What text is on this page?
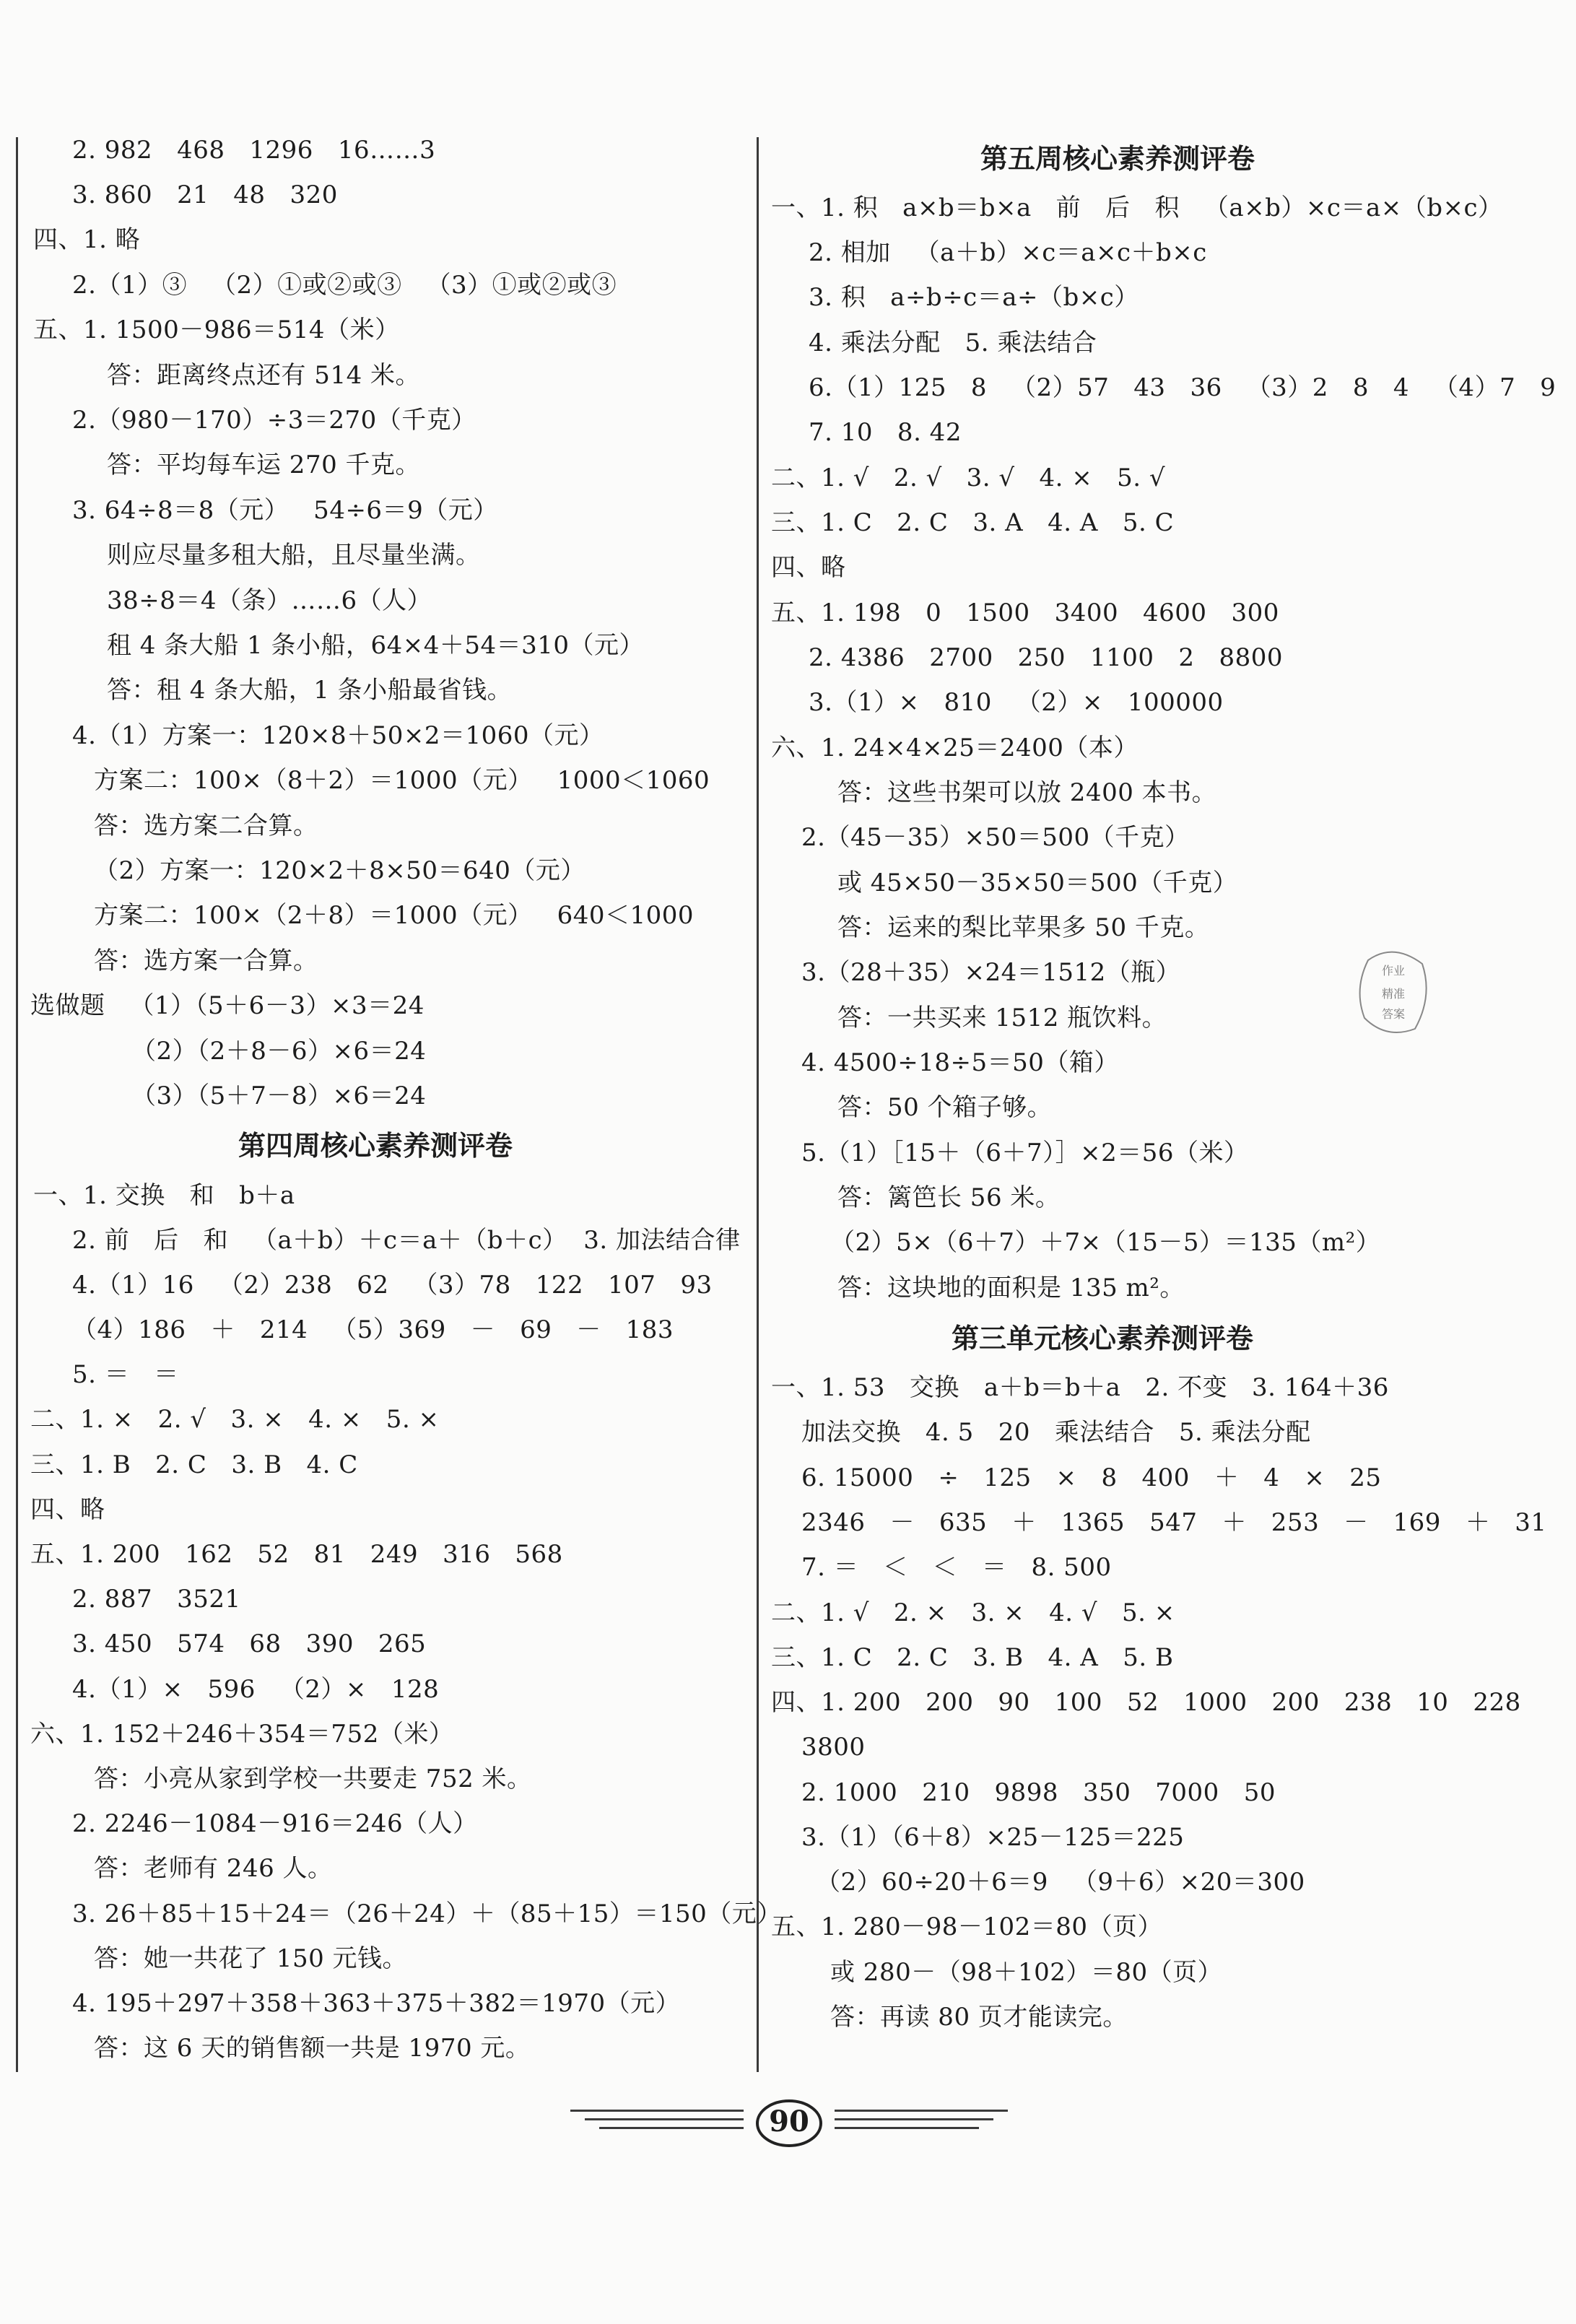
2. 982   468   1296   16……3
3. 860   21   48   320
四、1. 略
2.（1）③   （2）①或②或③   （3）①或②或③
五、1. 1500－986＝514（米）
答：距离终点还有 514 米。
2.（980－170）÷3＝270（千克）
答：平均每车运 270 千克。
3. 64÷8＝8（元）   54÷6＝9（元）
则应尽量多租大船，且尽量坐满。
38÷8＝4（条）……6（人）
租 4 条大船 1 条小船，64×4＋54＝310（元）
答：租 4 条大船，1 条小船最省钱。
4.（1）方案一：120×8＋50×2＝1060（元）
方案二：100×（8＋2）＝1000（元）   1000＜1060
答：选方案二合算。
（2）方案一：120×2＋8×50＝640（元）
方案二：100×（2＋8）＝1000（元）   640＜1000
答：选方案一合算。
选做题   （1）（5＋6－3）×3＝24
（2）（2＋8－6）×6＝24
（3）（5＋7－8）×6＝24
第四周核心素养测评卷
一、1. 交换   和   b＋a
2. 前   后   和   （a＋b）＋c＝a＋（b＋c）  3. 加法结合律
4.（1）16   （2）238   62   （3）78   122   107   93
（4）186   ＋   214   （5）369   －   69   －   183
5. ＝   ＝
二、1. ×   2. √   3. ×   4. ×   5. ×
三、1. B   2. C   3. B   4. C
四、略
五、1. 200   162   52   81   249   316   568
2. 887   3521
3. 450   574   68   390   265
4.（1）×   596   （2）×   128
六、1. 152＋246＋354＝752（米）
答：小亮从家到学校一共要走 752 米。
2. 2246－1084－916＝246（人）
答：老师有 246 人。
3. 26＋85＋15＋24＝（26＋24）＋（85＋15）＝150（元）
答：她一共花了 150 元钱。
4. 195＋297＋358＋363＋375＋382＝1970（元）
答：这 6 天的销售额一共是 1970 元。
第五周核心素养测评卷
一、1. 积   a×b＝b×a   前   后   积   （a×b）×c＝a×（b×c）
2. 相加   （a＋b）×c＝a×c＋b×c
3. 积   a÷b÷c＝a÷（b×c）
4. 乘法分配   5. 乘法结合
6.（1）125   8   （2）57   43   36   （3）2   8   4   （4）7   9
7. 10   8. 42
二、1. √   2. √   3. √   4. ×   5. √
三、1. C   2. C   3. A   4. A   5. C
四、略
五、1. 198   0   1500   3400   4600   300
2. 4386   2700   250   1100   2   8800
3.（1）×   810   （2）×   100000
六、1. 24×4×25＝2400（本）
答：这些书架可以放 2400 本书。
2.（45－35）×50＝500（千克）
或 45×50－35×50＝500（千克）
答：运来的梨比苹果多 50 千克。
3.（28＋35）×24＝1512（瓶）
答：一共买来 1512 瓶饮料。
4. 4500÷18÷5＝50（箱）
答：50 个箱子够。
5.（1）［15＋（6＋7）］×2＝56（米）
答：篱笆长 56 米。
（2）5×（6＋7）＋7×（15－5）＝135（m²）
答：这块地的面积是 135 m²。
第三单元核心素养测评卷
一、1. 53   交换   a＋b＝b＋a   2. 不变   3. 164＋36
加法交换   4. 5   20   乘法结合   5. 乘法分配
6. 15000   ÷   125   ×   8   400   ＋   4   ×   25
2346   －   635   ＋   1365   547   ＋   253   －   169   ＋   31
7. ＝   ＜   ＜   ＝   8. 500
二、1. √   2. ×   3. ×   4. √   5. ×
三、1. C   2. C   3. B   4. A   5. B
四、1. 200   200   90   100   52   1000   200   238   10   228
3800
2. 1000   210   9898   350   7000   50
3.（1）（6＋8）×25－125＝225
（2）60÷20＋6＝9   （9＋6）×20＝300
五、1. 280－98－102＝80（页）
或 280－（98＋102）＝80（页）
答：再读 80 页才能读完。
作业
精准
答案
90
